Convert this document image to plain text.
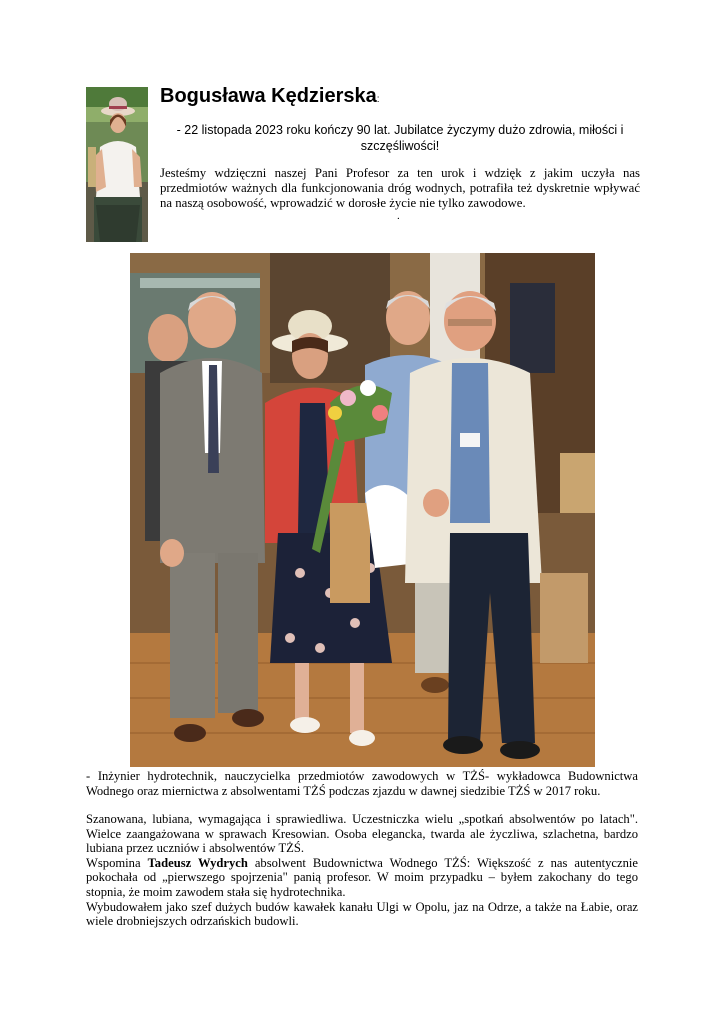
Bogusława Kędzierska:
- 22 listopada 2023 roku kończy 90 lat. Jubilatce życzymy dużo zdrowia, miłości i szczęśliwości!
Jesteśmy wdzięczni naszej Pani Profesor za ten urok i wdzięk z jakim uczyła nas przedmiotów ważnych dla funkcjonowania dróg wodnych, potrafiła też dyskretnie wpływać na naszą osobowość, wprowadzić w dorosłe życie nie tylko zawodowe.
.
- Inżynier hydrotechnik, nauczycielka przedmiotów zawodowych w TŻŚ- wykładowca Budownictwa Wodnego oraz miernictwa z absolwentami TŻŚ podczas zjazdu w dawnej siedzibie TŻŚ w 2017 roku.

Szanowana, lubiana, wymagająca i sprawiedliwa. Uczestniczka wielu „spotkań absolwentów po latach". Wielce zaangażowana w sprawach Kresowian. Osoba elegancka, twarda ale życzliwa, szlachetna, bardzo lubiana przez uczniów i absolwentów TŻŚ.

Wspomina Tadeusz Wydrych absolwent Budownictwa Wodnego TŻŚ: Większość z nas autentycznie pokochała od „pierwszego spojrzenia" panią profesor. W moim przypadku – byłem zakochany do tego stopnia, że moim zawodem stała się hydrotechnika.

Wybudowałem jako szef dużych budów kawałek kanału Ulgi w Opolu, jaz na Odrze, a także na Łabie, oraz wiele drobniejszych odrzańskich budowli.
